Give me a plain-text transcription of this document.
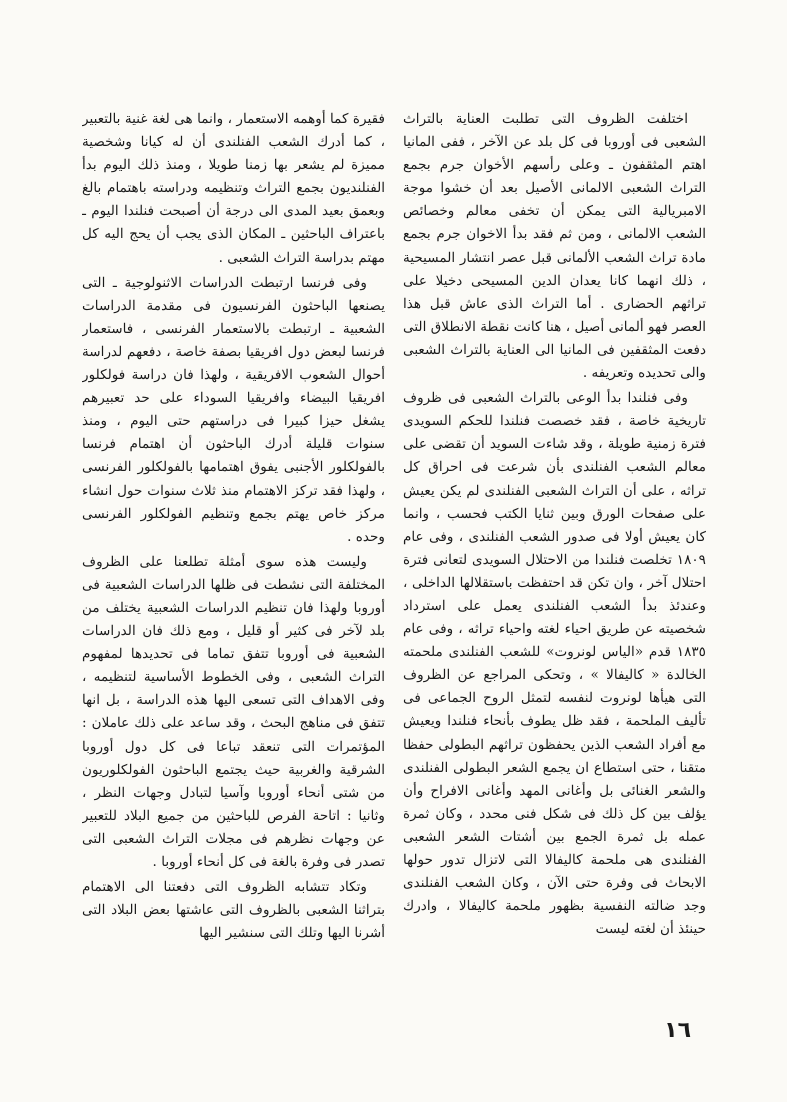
اختلفت الظروف التى تطلبت العناية بالتراث الشعبى فى أوروبا فى كل بلد عن الآخر ، ففى المانيا اهتم المثقفون ـ وعلى رأسهم الأخوان جرم بجمع التراث الشعبى الالمانى الأصيل بعد أن خشوا موجة الامبريالية التى يمكن أن تخفى معالم وخصائص الشعب الالمانى ، ومن ثم فقد بدأ الاخوان جرم بجمع مادة تراث الشعب الألمانى قبل عصر انتشار المسيحية ، ذلك انهما كانا يعدان الدين المسيحى دخيلا على تراثهم الحضارى . أما التراث الذى عاش قبل هذا العصر فهو ألمانى أصيل ، هنا كانت نقطة الانطلاق التى دفعت المثقفين فى المانيا الى العناية بالتراث الشعبى والى تحديده وتعريفه .

وفى فنلندا بدأ الوعى بالتراث الشعبى فى ظروف تاريخية خاصة ، فقد خصصت فنلندا للحكم السويدى فترة زمنية طويلة ، وقد شاءت السويد أن تقضى على معالم الشعب الفنلندى بأن شرعت فى احراق كل تراثه ، على أن التراث الشعبى الفنلندى لم يكن يعيش على صفحات الورق وبين ثنايا الكتب فحسب ، وانما كان يعيش أولا فى صدور الشعب الفنلندى ، وفى عام ١٨٠٩ تخلصت فنلندا من الاحتلال السويدى لتعانى فترة احتلال آخر ، وان تكن قد احتفظت باستقلالها الداخلى ، وعندئذ بدأ الشعب الفنلندى يعمل على استرداد شخصيته عن طريق احياء لغته واحياء تراثه ، وفى عام ١٨٣٥ قدم «الياس لونروت» للشعب الفنلندى ملحمته الخالدة « كاليفالا » ، وتحكى المراجع عن الظروف التى هيأها لونروت لنفسه لتمثل الروح الجماعى فى تأليف الملحمة ، فقد ظل يطوف بأنحاء فنلندا ويعيش مع أفراد الشعب الذين يحفظون تراثهم البطولى حفظا متقنا ، حتى استطاع ان يجمع الشعر البطولى الفنلندى والشعر الغنائى بل وأغانى المهد وأغانى الافراح وأن يؤلف بين كل ذلك فى شكل فنى محدد ، وكان ثمرة عمله بل ثمرة الجمع بين أشتات الشعر الشعبى الفنلندى هى ملحمة كاليفالا التى لاتزال تدور حولها الابحاث فى وفرة حتى الآن ، وكان الشعب الفنلندى وجد ضالته النفسية بظهور ملحمة كاليفالا ، وادرك حينئذ أن لغته ليست

فقيرة كما أوهمه الاستعمار ، وانما هى لغة غنية بالتعبير ، كما أدرك الشعب الفنلندى أن له كيانا وشخصية مميزة لم يشعر بها زمنا طويلا ، ومنذ ذلك اليوم بدأ الفنلنديون بجمع التراث وتنظيمه ودراسته باهتمام بالغ وبعمق بعيد المدى الى درجة أن أصبحت فنلندا اليوم ـ باعتراف الباحثين ـ المكان الذى يجب أن يحج اليه كل مهتم بدراسة التراث الشعبى .

وفى فرنسا ارتبطت الدراسات الاثنولوجية ـ التى يصنعها الباحثون الفرنسيون فى مقدمة الدراسات الشعبية ـ ارتبطت بالاستعمار الفرنسى ، فاستعمار فرنسا لبعض دول افريقيا بصفة خاصة ، دفعهم لدراسة أحوال الشعوب الافريقية ، ولهذا فان دراسة فولكلور افريقيا البيضاء وافريقيا السوداء على حد تعبيرهم يشغل حيزا كبيرا فى دراستهم حتى اليوم ، ومنذ سنوات قليلة أدرك الباحثون أن اهتمام فرنسا بالفولكلور الأجنبى يفوق اهتمامها بالفولكلور الفرنسى ، ولهذا فقد تركز الاهتمام منذ ثلاث سنوات حول انشاء مركز خاص يهتم بجمع وتنظيم الفولكلور الفرنسى وحده .

وليست هذه سوى أمثلة تطلعنا على الظروف المختلفة التى نشطت فى ظلها الدراسات الشعبية فى أوروبا ولهذا فان تنظيم الدراسات الشعبية يختلف من بلد لآخر فى كثير أو قليل ، ومع ذلك فان الدراسات الشعبية فى أوروبا تتفق تماما فى تحديدها لمفهوم التراث الشعبى ، وفى الخطوط الأساسية لتنظيمه ، وفى الاهداف التى تسعى اليها هذه الدراسة ، بل انها تتفق فى مناهج البحث ، وقد ساعد على ذلك عاملان : المؤتمرات التى تنعقد تباعا فى كل دول أوروبا الشرقية والغربية حيث يجتمع الباحثون الفولكلوريون من شتى أنحاء أوروبا وآسيا لتبادل وجهات النظر ، وثانيا : اتاحة الفرص للباحثين من جميع البلاد للتعبير عن وجهات نظرهم فى مجلات التراث الشعبى التى تصدر فى وفرة بالغة فى كل أنحاء أوروبا .

وتكاد تتشابه الظروف التى دفعتنا الى الاهتمام بتراثنا الشعبى بالظروف التى عاشتها بعض البلاد التى أشرنا اليها وتلك التى سنشير اليها

١٦
